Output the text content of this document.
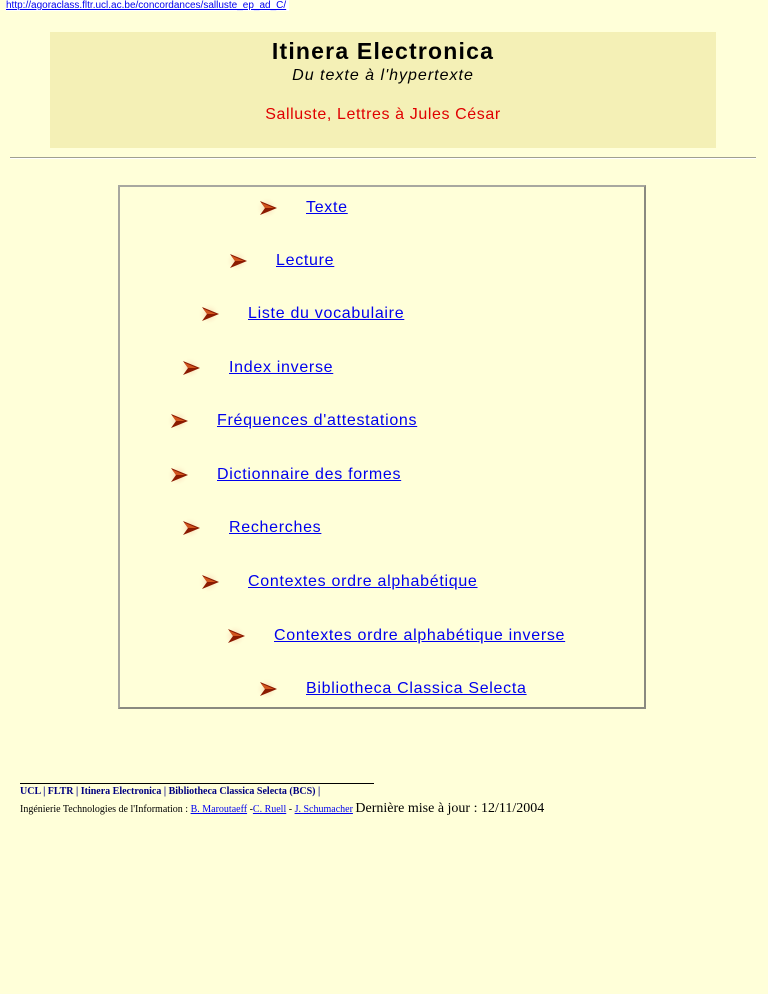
http://agoraclass.fltr.ucl.ac.be/concordances/salluste_ep_ad_C/
Itinera Electronica
Du texte à l'hypertexte
Salluste, Lettres à Jules César
Texte
Lecture
Liste du vocabulaire
Index inverse
Fréquences d'attestations
Dictionnaire des formes
Recherches
Contextes ordre alphabétique
Contextes ordre alphabétique inverse
Bibliotheca Classica Selecta
UCL | FLTR | Itinera Electronica | Bibliotheca Classica Selecta (BCS) |
Ingénierie Technologies de l'Information : B. Maroutaeff -C. Ruell - J. Schumacher Dernière mise à jour : 12/11/2004
